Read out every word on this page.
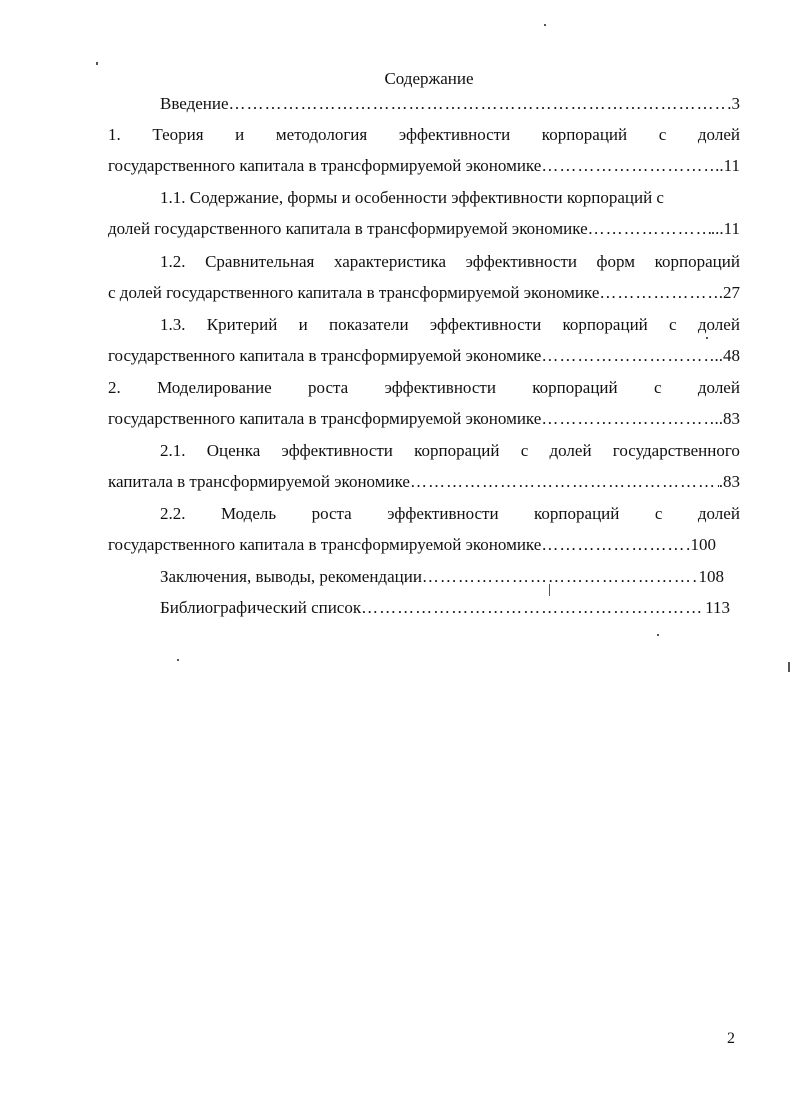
Содержание
Введение …………………………………………………………………………………………………………………………………………………………………	.3
1. Теория и методология эффективности корпораций с долей
государственного капитала в трансформируемой экономике …………………………………………………………………………………………………………………………………………………………………	..11
1.1. Содержание, формы и особенности эффективности корпораций с
долей государственного капитала в трансформируемой экономике …………………………………………………………………………………………………………………………………………………………………	...11
1.2. Сравнительная характеристика эффективности форм корпораций
с долей государственного капитала в трансформируемой экономике …………………………………………………………………………………………………………………………………………………………………	.27
1.3. Критерий и показатели эффективности корпораций с долей
государственного капитала в трансформируемой экономике …………………………………………………………………………………………………………………………………………………………………	..48
2. Моделирование роста эффективности корпораций с долей
государственного капитала в трансформируемой экономике …………………………………………………………………………………………………………………………………………………………………	..83
2.1. Оценка эффективности корпораций с долей государственного
капитала в трансформируемой экономике …………………………………………………………………………………………………………………………………………………………………	.83
2.2. Модель роста эффективности корпораций с долей
государственного капитала в трансформируемой экономике …………………………………………………………………………………………………………………………………………………………………	100
Заключения, выводы, рекомендации …………………………………………………………………………………………………………………………………………………………………	108
Библиографический список …………………………………………………………………………………………………………………………………………………………………	113
2
